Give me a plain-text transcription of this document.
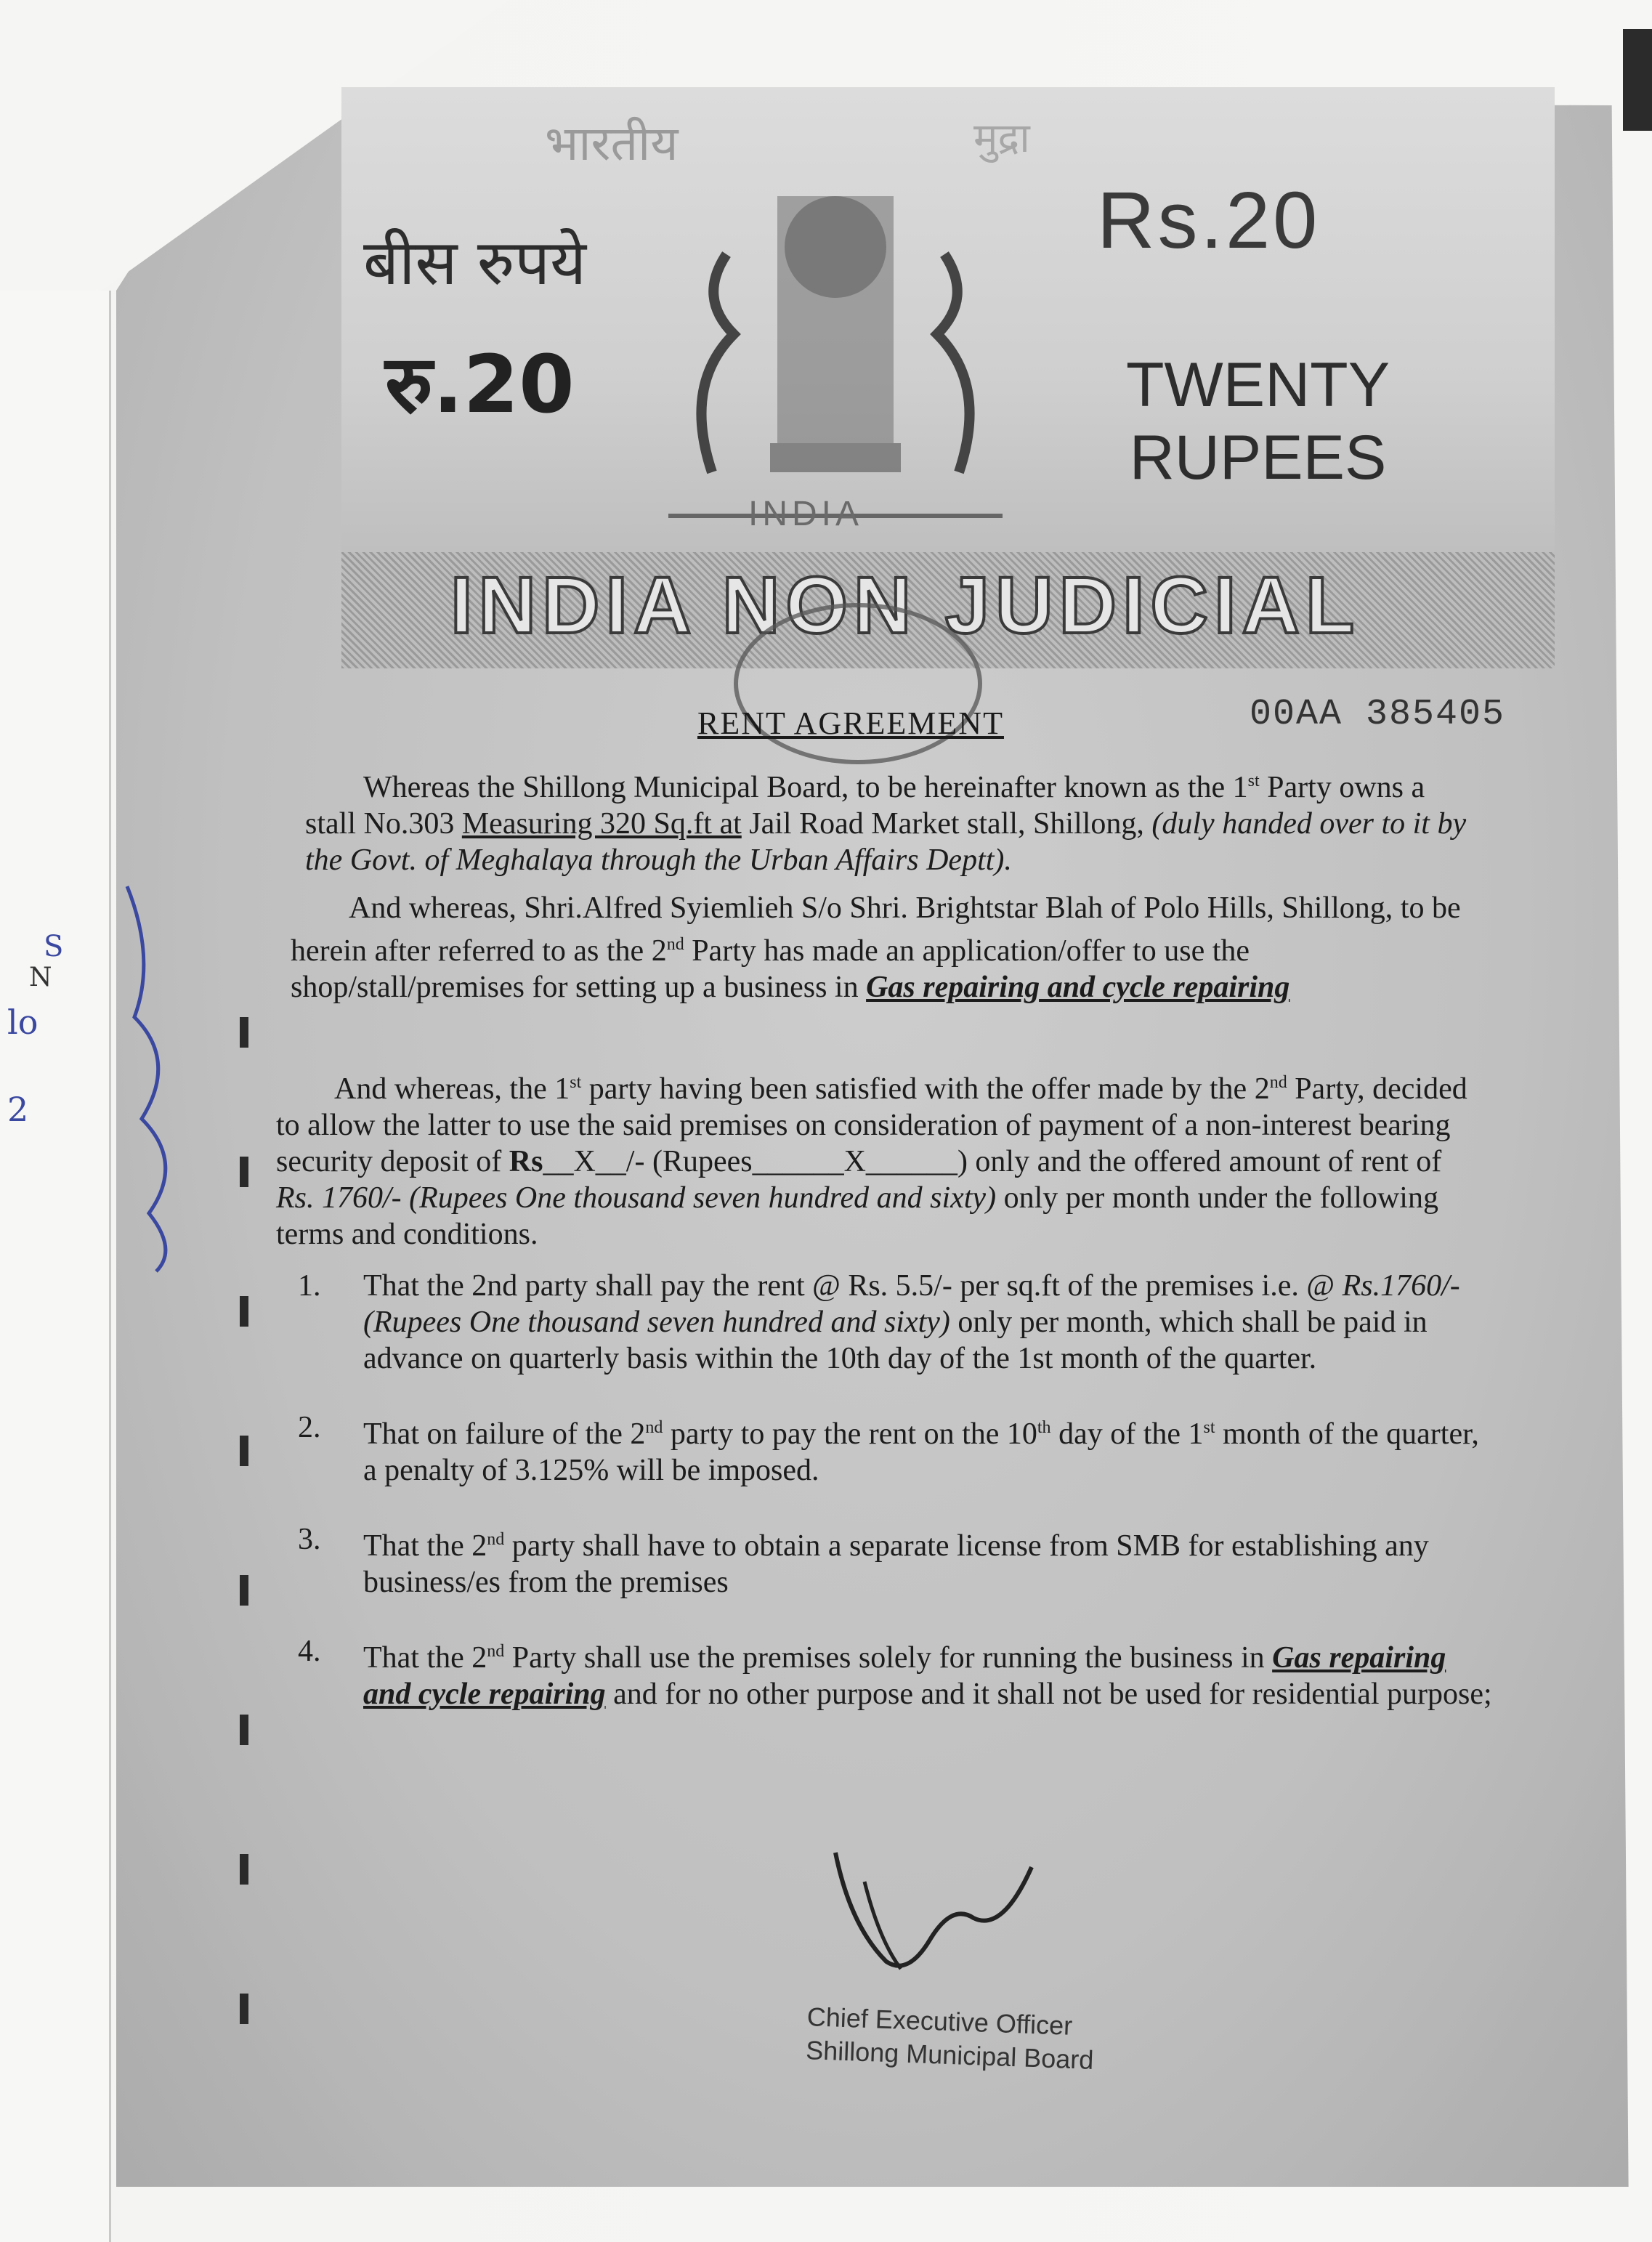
S
N
lo
2
भारतीय	मुद्रा
बीस रुपये
रु.20
Rs.20
TWENTY
RUPEES
INDIA
INDIA NON JUDICIAL
RENT AGREEMENT	00AA 385405
Whereas the Shillong Municipal Board, to be hereinafter known as the 1st Party owns a stall No.303 Measuring 320 Sq.ft at Jail Road Market stall, Shillong, (duly handed over to it by the Govt. of Meghalaya through the Urban Affairs Deptt).
And whereas, Shri.Alfred Syiemlieh S/o Shri. Brightstar Blah of Polo Hills, Shillong, to be herein after referred to as the 2nd Party has made an application/offer to use the shop/stall/premises for setting up a business in Gas repairing and cycle repairing
And whereas, the 1st party having been satisfied with the offer made by the 2nd Party, decided to allow the latter to use the said premises on consideration of payment of a non-interest bearing security deposit of Rs__X__/- (Rupees______X______) only and the offered amount of rent of Rs. 1760/- (Rupees One thousand seven hundred and sixty) only per month under the following terms and conditions.
1.	That the 2nd party shall pay the rent @ Rs. 5.5/- per sq.ft of the premises i.e. @ Rs.1760/- (Rupees One thousand seven hundred and sixty) only per month, which shall be paid in advance on quarterly basis within the 10th day of the 1st month of the quarter.
2.	That on failure of the 2nd party to pay the rent on the 10th day of the 1st month of the quarter, a penalty of 3.125% will be imposed.
3.	That the 2nd party shall have to obtain a separate license from SMB for establishing any business/es from the premises
4.	That the 2nd Party shall use the premises solely for running the business in Gas repairing and cycle repairing and for no other purpose and it shall not be used for residential purpose;
Chief Executive Officer
Shillong Municipal Board
